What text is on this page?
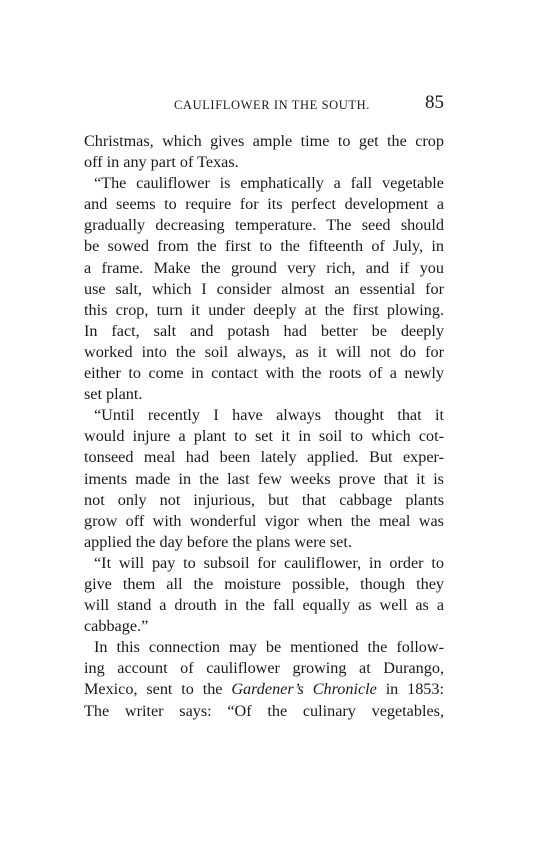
CAULIFLOWER IN THE SOUTH.	85
Christmas, which gives ample time to get the crop
off in any part of Texas.
“The cauliflower is emphatically a fall vegetable
and seems to require for its perfect development a
gradually decreasing temperature. The seed should
be sowed from the first to the fifteenth of July, in
a frame. Make the ground very rich, and if you
use salt, which I consider almost an essential for
this crop, turn it under deeply at the first plowing.
In fact, salt and potash had better be deeply
worked into the soil always, as it will not do for
either to come in contact with the roots of a newly
set plant.
“Until recently I have always thought that it
would injure a plant to set it in soil to which cot-
tonseed meal had been lately applied. But exper-
iments made in the last few weeks prove that it is
not only not injurious, but that cabbage plants
grow off with wonderful vigor when the meal was
applied the day before the plans were set.
“It will pay to subsoil for cauliflower, in order to
give them all the moisture possible, though they
will stand a drouth in the fall equally as well as a
cabbage.”
In this connection may be mentioned the follow-
ing account of cauliflower growing at Durango,
Mexico, sent to the Gardener’s Chronicle in 1853:
The writer says: “Of the culinary vegetables,
